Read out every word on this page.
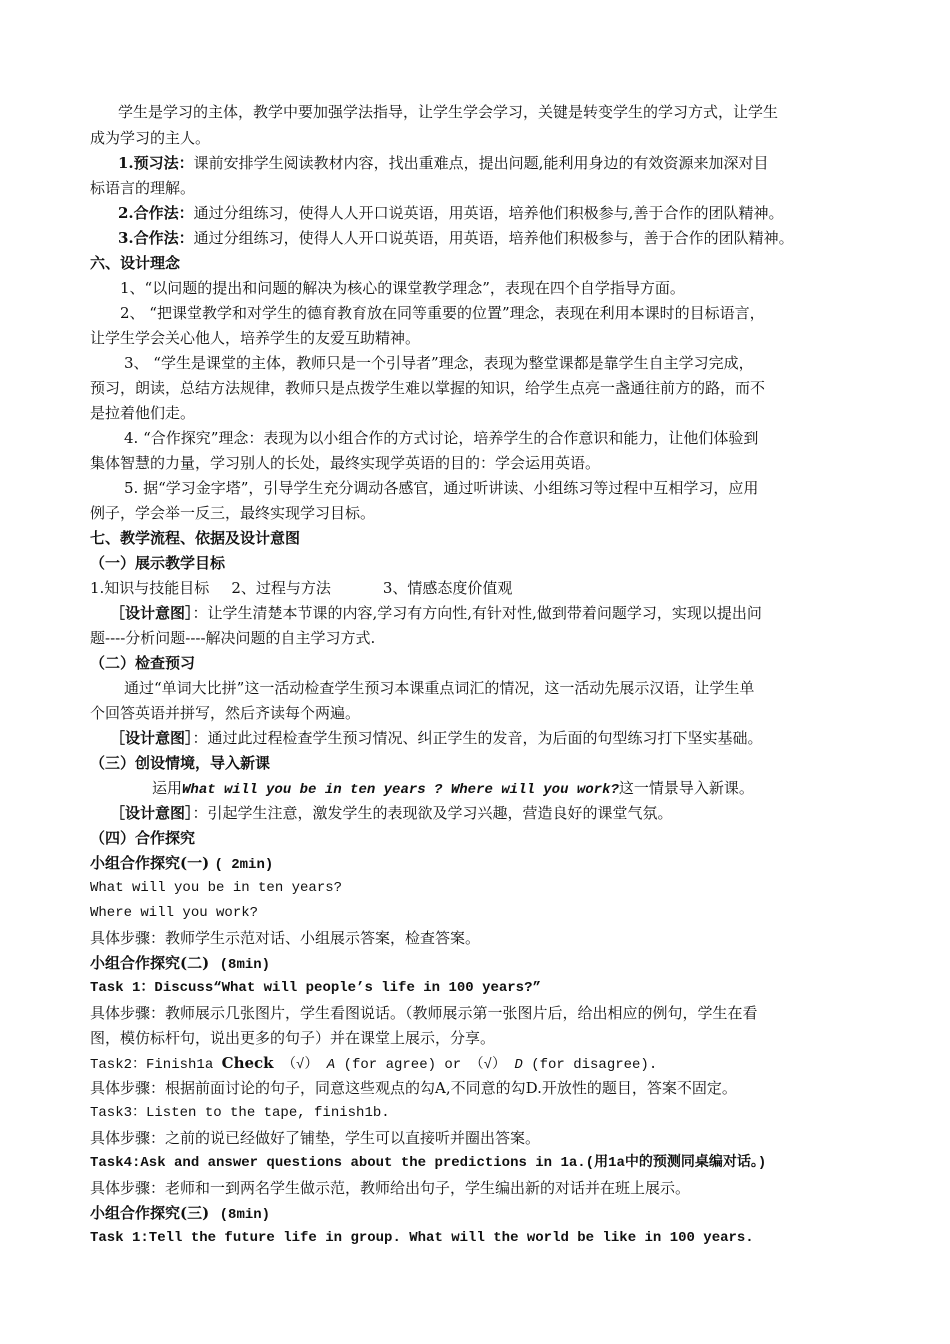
学生是学习的主体，教学中要加强学法指导，让学生学会学习，关键是转变学生的学习方式，让学生
成为学习的主人。
1.预习法：课前安排学生阅读教材内容，找出重难点，提出问题,能利用身边的有效资源来加深对目
标语言的理解。
2.合作法：通过分组练习，使得人人开口说英语，用英语，培养他们积极参与,善于合作的团队精神。
3.合作法：通过分组练习，使得人人开口说英语，用英语，培养他们积极参与，善于合作的团队精神。
六、设计理念
1、“以问题的提出和问题的解决为核心的课堂教学理念”，表现在四个自学指导方面。
2、 “把课堂教学和对学生的德育教育放在同等重要的位置”理念，表现在利用本课时的目标语言，
让学生学会关心他人，培养学生的友爱互助精神。
3、 “学生是课堂的主体，教师只是一个引导者”理念，表现为整堂课都是靠学生自主学习完成，
预习，朗读，总结方法规律，教师只是点拨学生难以掌握的知识，给学生点亮一盏通往前方的路，而不
是拉着他们走。
4. “合作探究”理念：表现为以小组合作的方式讨论，培养学生的合作意识和能力，让他们体验到
集体智慧的力量，学习别人的长处，最终实现学英语的目的：学会运用英语。
5. 据“学习金字塔”，引导学生充分调动各感官，通过听讲读、小组练习等过程中互相学习，应用
例子，学会举一反三，最终实现学习目标。
七、教学流程、依据及设计意图
（一）展示教学目标
1.知识与技能目标 2、过程与方法	3、情感态度价值观
［设计意图］：让学生清楚本节课的内容,学习有方向性,有针对性,做到带着问题学习，实现以提出问
题----分析问题----解决问题的自主学习方式.
（二）检查预习
通过“单词大比拼”这一活动检查学生预习本课重点词汇的情况，这一活动先展示汉语，让学生单
个回答英语并拼写，然后齐读每个两遍。
［设计意图］：通过此过程检查学生预习情况、纠正学生的发音，为后面的句型练习打下坚实基础。
（三）创设情境，导入新课
运用What will you be in ten years ? Where will you work?这一情景导入新课。
［设计意图］：引起学生注意，激发学生的表现欲及学习兴趣，营造良好的课堂气氛。
（四）合作探究
小组合作探究(一) ( 2min)
What will you be in ten years?
Where will you work?
具体步骤：教师学生示范对话、小组展示答案，检查答案。
小组合作探究(二) (8min)
Task 1：Discuss“What will people’s life in 100 years?”
具体步骤：教师展示几张图片，学生看图说话。（教师展示第一张图片后，给出相应的例句，学生在看
图，模仿标杆句，说出更多的句子）并在课堂上展示，分享。
Task2：Finish1a Check （√） A (for agree) or （√） D (for disagree).
具体步骤：根据前面讨论的句子，同意这些观点的勾A,不同意的勾D.开放性的题目，答案不固定。
Task3：Listen to the tape, finish1b.
具体步骤：之前的说已经做好了铺垫，学生可以直接听并圈出答案。
Task4:Ask and answer questions about the predictions in 1a.(用1a中的预测同桌编对话。)
具体步骤：老师和一到两名学生做示范，教师给出句子，学生编出新的对话并在班上展示。
小组合作探究(三) (8min)
Task 1:Tell the future life in group. What will the world be like in 100 years.
